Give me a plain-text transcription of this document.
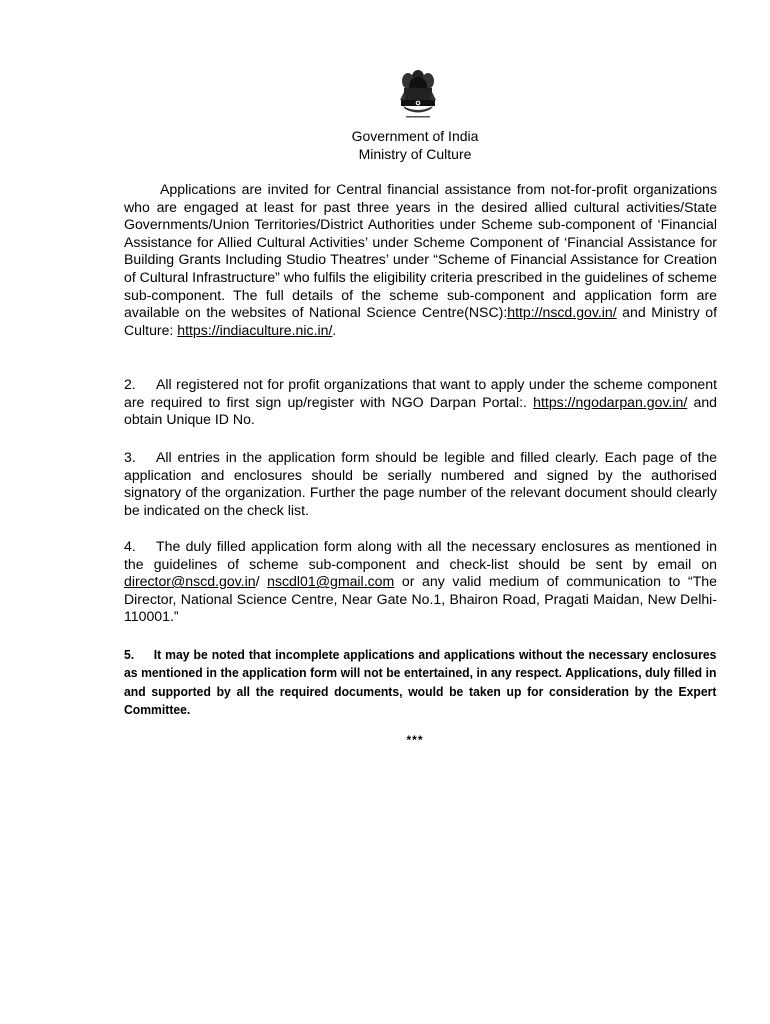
Government of India
Ministry of Culture
Applications are invited for Central financial assistance from not-for-profit organizations who are engaged at least for past three years in the desired allied cultural activities/State Governments/Union Territories/District Authorities under Scheme sub-component of ‘Financial Assistance for Allied Cultural Activities’ under Scheme Component of ‘Financial Assistance for Building Grants Including Studio Theatres’ under “Scheme of Financial Assistance for Creation of Cultural Infrastructure” who fulfils the eligibility criteria prescribed in the guidelines of scheme sub-component. The full details of the scheme sub-component and application form are available on the websites of National Science Centre(NSC):http://nscd.gov.in/ and Ministry of Culture: https://indiaculture.nic.in/.
2. All registered not for profit organizations that want to apply under the scheme component are required to first sign up/register with NGO Darpan Portal:. https://ngodarpan.gov.in/ and obtain Unique ID No.
3. All entries in the application form should be legible and filled clearly. Each page of the application and enclosures should be serially numbered and signed by the authorised signatory of the organization. Further the page number of the relevant document should clearly be indicated on the check list.
4. The duly filled application form along with all the necessary enclosures as mentioned in the guidelines of scheme sub-component and check-list should be sent by email on director@nscd.gov.in/ nscdl01@gmail.com or any valid medium of communication to “The Director, National Science Centre, Near Gate No.1, Bhairon Road, Pragati Maidan, New Delhi-110001.”
5. It may be noted that incomplete applications and applications without the necessary enclosures as mentioned in the application form will not be entertained, in any respect. Applications, duly filled in and supported by all the required documents, would be taken up for consideration by the Expert Committee.
***
